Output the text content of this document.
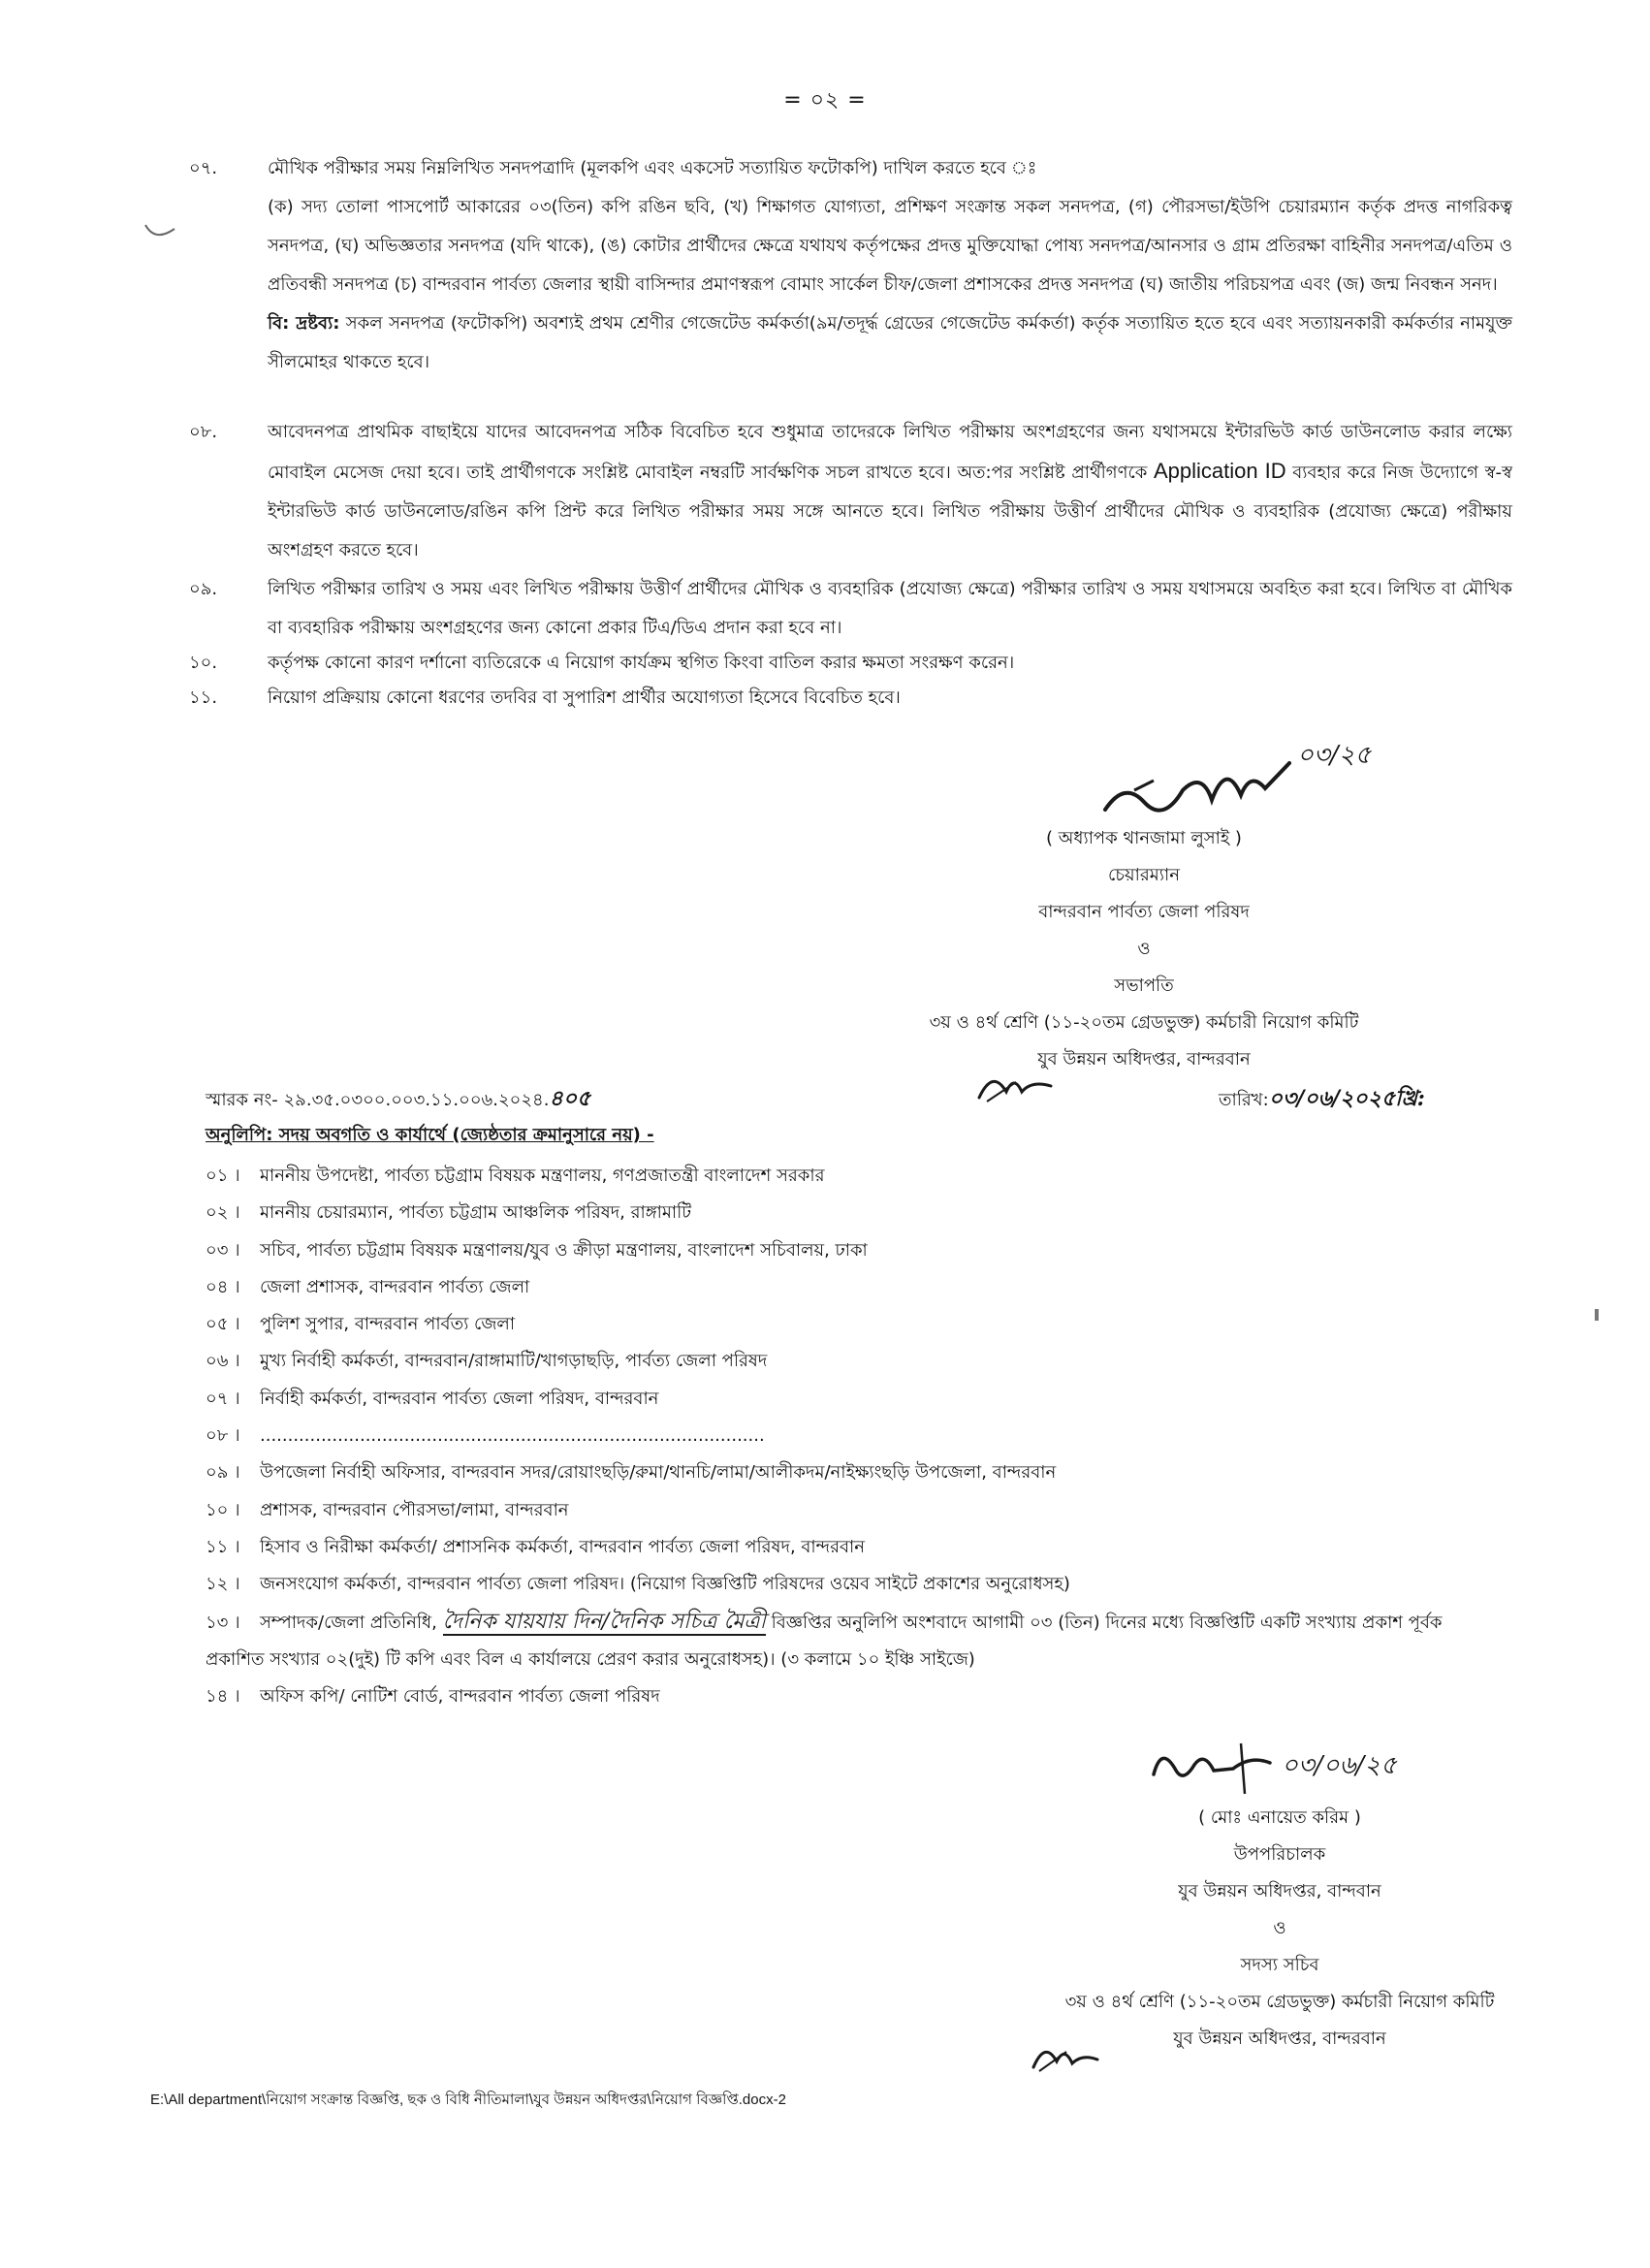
= ০২ =
০৭.	মৌখিক পরীক্ষার সময় নিম্নলিখিত সনদপত্রাদি (মূলকপি এবং একসেট সত্যায়িত ফটোকপি) দাখিল করতে হবে ঃ

(ক) সদ্য তোলা পাসপোর্ট আকারের ০৩(তিন) কপি রঙিন ছবি, (খ) শিক্ষাগত যোগ্যতা, প্রশিক্ষণ সংক্রান্ত সকল সনদপত্র, (গ) পৌরসভা/ইউপি চেয়ারম্যান কর্তৃক প্রদত্ত নাগরিকত্ব সনদপত্র, (ঘ) অভিজ্ঞতার সনদপত্র (যদি থাকে), (ঙ) কোটার প্রার্থীদের ক্ষেত্রে যথাযথ কর্তৃপক্ষের প্রদত্ত মুক্তিযোদ্ধা পোষ্য সনদপত্র/আনসার ও গ্রাম প্রতিরক্ষা বাহিনীর সনদপত্র/এতিম ও প্রতিবন্ধী সনদপত্র (চ) বান্দরবান পার্বত্য জেলার স্থায়ী বাসিন্দার প্রমাণস্বরূপ বোমাং সার্কেল চীফ/জেলা প্রশাসকের প্রদত্ত সনদপত্র (ঘ) জাতীয় পরিচয়পত্র এবং (জ) জন্ম নিবন্ধন সনদ।

বি: দ্রষ্টব্য: সকল সনদপত্র (ফটোকপি) অবশ্যই প্রথম শ্রেণীর গেজেটেড কর্মকর্তা(৯ম/তদূর্দ্ধ গ্রেডের গেজেটেড কর্মকর্তা) কর্তৃক সত্যায়িত হতে হবে এবং সত্যায়নকারী কর্মকর্তার নামযুক্ত সীলমোহর থাকতে হবে।

০৮.	আবেদনপত্র প্রাথমিক বাছাইয়ে যাদের আবেদনপত্র সঠিক বিবেচিত হবে শুধুমাত্র তাদেরকে লিখিত পরীক্ষায় অংশগ্রহণের জন্য যথাসময়ে ইন্টারভিউ কার্ড ডাউনলোড করার লক্ষ্যে মোবাইল মেসেজ দেয়া হবে। তাই প্রার্থীগণকে সংশ্লিষ্ট মোবাইল নম্বরটি সার্বক্ষণিক সচল রাখতে হবে। অত:পর সংশ্লিষ্ট প্রার্থীগণকে Application ID ব্যবহার করে নিজ উদ্যোগে স্ব-স্ব ইন্টারভিউ কার্ড ডাউনলোড/রঙিন কপি প্রিন্ট করে লিখিত পরীক্ষার সময় সঙ্গে আনতে হবে। লিখিত পরীক্ষায় উত্তীর্ণ প্রার্থীদের মৌখিক ও ব্যবহারিক (প্রযোজ্য ক্ষেত্রে) পরীক্ষায় অংশগ্রহণ করতে হবে।

০৯.	লিখিত পরীক্ষার তারিখ ও সময় এবং লিখিত পরীক্ষায় উত্তীর্ণ প্রার্থীদের মৌখিক ও ব্যবহারিক (প্রযোজ্য ক্ষেত্রে) পরীক্ষার তারিখ ও সময় যথাসময়ে অবহিত করা হবে। লিখিত বা মৌখিক বা ব্যবহারিক পরীক্ষায় অংশগ্রহণের জন্য কোনো প্রকার টিএ/ডিএ প্রদান করা হবে না।
১০.	কর্তৃপক্ষ কোনো কারণ দর্শানো ব্যতিরেকে এ নিয়োগ কার্যক্রম স্থগিত কিংবা বাতিল করার ক্ষমতা সংরক্ষণ করেন।
১১.	নিয়োগ প্রক্রিয়ায় কোনো ধরণের তদবির বা সুপারিশ প্রার্থীর অযোগ্যতা হিসেবে বিবেচিত হবে।
০৩/২৫
( অধ্যাপক থানজামা লুসাই )
চেয়ারম্যান
বান্দরবান পার্বত্য জেলা পরিষদ
ও
সভাপতি
৩য় ও ৪র্থ শ্রেণি (১১-২০তম গ্রেডভুক্ত) কর্মচারী নিয়োগ কমিটি
যুব উন্নয়ন অধিদপ্তর, বান্দরবান
স্মারক নং- ২৯.৩৫.০৩০০.০০৩.১১.০০৬.২০২৪.৪০৫	তারিখ:০৩/০৬/২০২৫খ্রি:
অনুলিপি: সদয় অবগতি ও কার্যার্থে (জ্যেষ্ঠতার ক্রমানুসারে নয়) -
০১ । মাননীয় উপদেষ্টা, পার্বত্য চট্টগ্রাম বিষয়ক মন্ত্রণালয়, গণপ্রজাতন্ত্রী বাংলাদেশ সরকার
০২ । মাননীয় চেয়ারম্যান, পার্বত্য চট্টগ্রাম আঞ্চলিক পরিষদ, রাঙ্গামাটি
০৩ । সচিব, পার্বত্য চট্টগ্রাম বিষয়ক মন্ত্রণালয়/যুব ও ক্রীড়া মন্ত্রণালয়, বাংলাদেশ সচিবালয়, ঢাকা
০৪ । জেলা প্রশাসক, বান্দরবান পার্বত্য জেলা
০৫ । পুলিশ সুপার, বান্দরবান পার্বত্য জেলা
০৬ । মুখ্য নির্বাহী কর্মকর্তা, বান্দরবান/রাঙ্গামাটি/খাগড়াছড়ি, পার্বত্য জেলা পরিষদ
০৭ । নির্বাহী কর্মকর্তা, বান্দরবান পার্বত্য জেলা পরিষদ, বান্দরবান
০৮ । ...........................................................................................
০৯ । উপজেলা নির্বাহী অফিসার, বান্দরবান সদর/রোয়াংছড়ি/রুমা/থানচি/লামা/আলীকদম/নাইক্ষ্যংছড়ি উপজেলা, বান্দরবান
১০ । প্রশাসক, বান্দরবান পৌরসভা/লামা, বান্দরবান
১১ । হিসাব ও নিরীক্ষা কর্মকর্তা/ প্রশাসনিক কর্মকর্তা, বান্দরবান পার্বত্য জেলা পরিষদ, বান্দরবান
১২ । জনসংযোগ কর্মকর্তা, বান্দরবান পার্বত্য জেলা পরিষদ। (নিয়োগ বিজ্ঞপ্তিটি পরিষদের ওয়েব সাইটে প্রকাশের অনুরোধসহ)
১৩ । সম্পাদক/জেলা প্রতিনিধি, দৈনিক যায়যায় দিন/দৈনিক সচিত্র মৈত্রী বিজ্ঞপ্তির অনুলিপি অংশবাদে আগামী ০৩ (তিন) দিনের মধ্যে বিজ্ঞপ্তিটি একটি সংখ্যায় প্রকাশ পূর্বক প্রকাশিত সংখ্যার ০২(দুই) টি কপি এবং বিল এ কার্যালয়ে প্রেরণ করার অনুরোধসহ)। (৩ কলামে ১০ ইঞ্চি সাইজে)
১৪ । অফিস কপি/ নোটিশ বোর্ড, বান্দরবান পার্বত্য জেলা পরিষদ
০৩/০৬/২৫
( মোঃ এনায়েত করিম )
উপপরিচালক
যুব উন্নয়ন অধিদপ্তর, বান্দবান
ও
সদস্য সচিব
৩য় ও ৪র্থ শ্রেণি (১১-২০তম গ্রেডভুক্ত) কর্মচারী নিয়োগ কমিটি
যুব উন্নয়ন অধিদপ্তর, বান্দরবান
E:\All department\নিয়োগ সংক্রান্ত বিজ্ঞপ্তি, ছক ও বিধি নীতিমালা\যুব উন্নয়ন অধিদপ্তর\নিয়োগ বিজ্ঞপ্তি.docx-2
